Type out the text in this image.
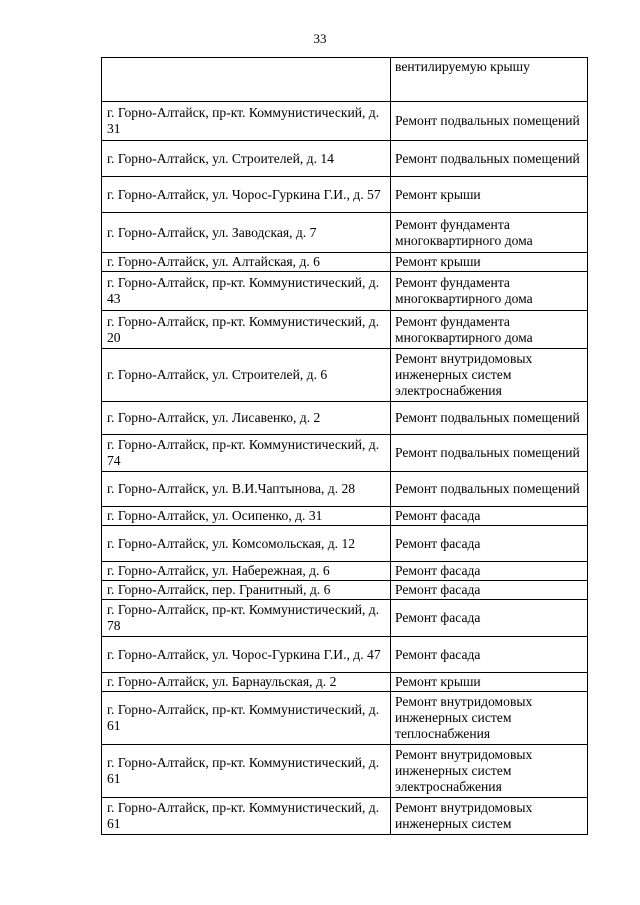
33
	вентилируемую крышу
г. Горно-Алтайск, пр-кт. Коммунистический, д. 31	Ремонт подвальных помещений
г. Горно-Алтайск, ул. Строителей, д. 14	Ремонт подвальных помещений
г. Горно-Алтайск, ул. Чорос-Гуркина Г.И., д. 57	Ремонт крыши
г. Горно-Алтайск, ул. Заводская, д. 7	Ремонт фундамента многоквартирного дома
г. Горно-Алтайск, ул. Алтайская, д. 6	Ремонт крыши
г. Горно-Алтайск, пр-кт. Коммунистический, д. 43	Ремонт фундамента многоквартирного дома
г. Горно-Алтайск, пр-кт. Коммунистический, д. 20	Ремонт фундамента многоквартирного дома
г. Горно-Алтайск, ул. Строителей, д. 6	Ремонт внутридомовых инженерных систем электроснабжения
г. Горно-Алтайск, ул. Лисавенко, д. 2	Ремонт подвальных помещений
г. Горно-Алтайск, пр-кт. Коммунистический, д. 74	Ремонт подвальных помещений
г. Горно-Алтайск, ул. В.И.Чаптынова, д. 28	Ремонт подвальных помещений
г. Горно-Алтайск, ул. Осипенко, д. 31	Ремонт фасада
г. Горно-Алтайск, ул. Комсомольская, д. 12	Ремонт фасада
г. Горно-Алтайск, ул. Набережная, д. 6	Ремонт фасада
г. Горно-Алтайск, пер. Гранитный, д. 6	Ремонт фасада
г. Горно-Алтайск, пр-кт. Коммунистический, д. 78	Ремонт фасада
г. Горно-Алтайск, ул. Чорос-Гуркина Г.И., д. 47	Ремонт фасада
г. Горно-Алтайск, ул. Барнаульская, д. 2	Ремонт крыши
г. Горно-Алтайск, пр-кт. Коммунистический, д. 61	Ремонт внутридомовых инженерных систем теплоснабжения
г. Горно-Алтайск, пр-кт. Коммунистический, д. 61	Ремонт внутридомовых инженерных систем электроснабжения
г. Горно-Алтайск, пр-кт. Коммунистический, д. 61	Ремонт внутридомовых инженерных систем
